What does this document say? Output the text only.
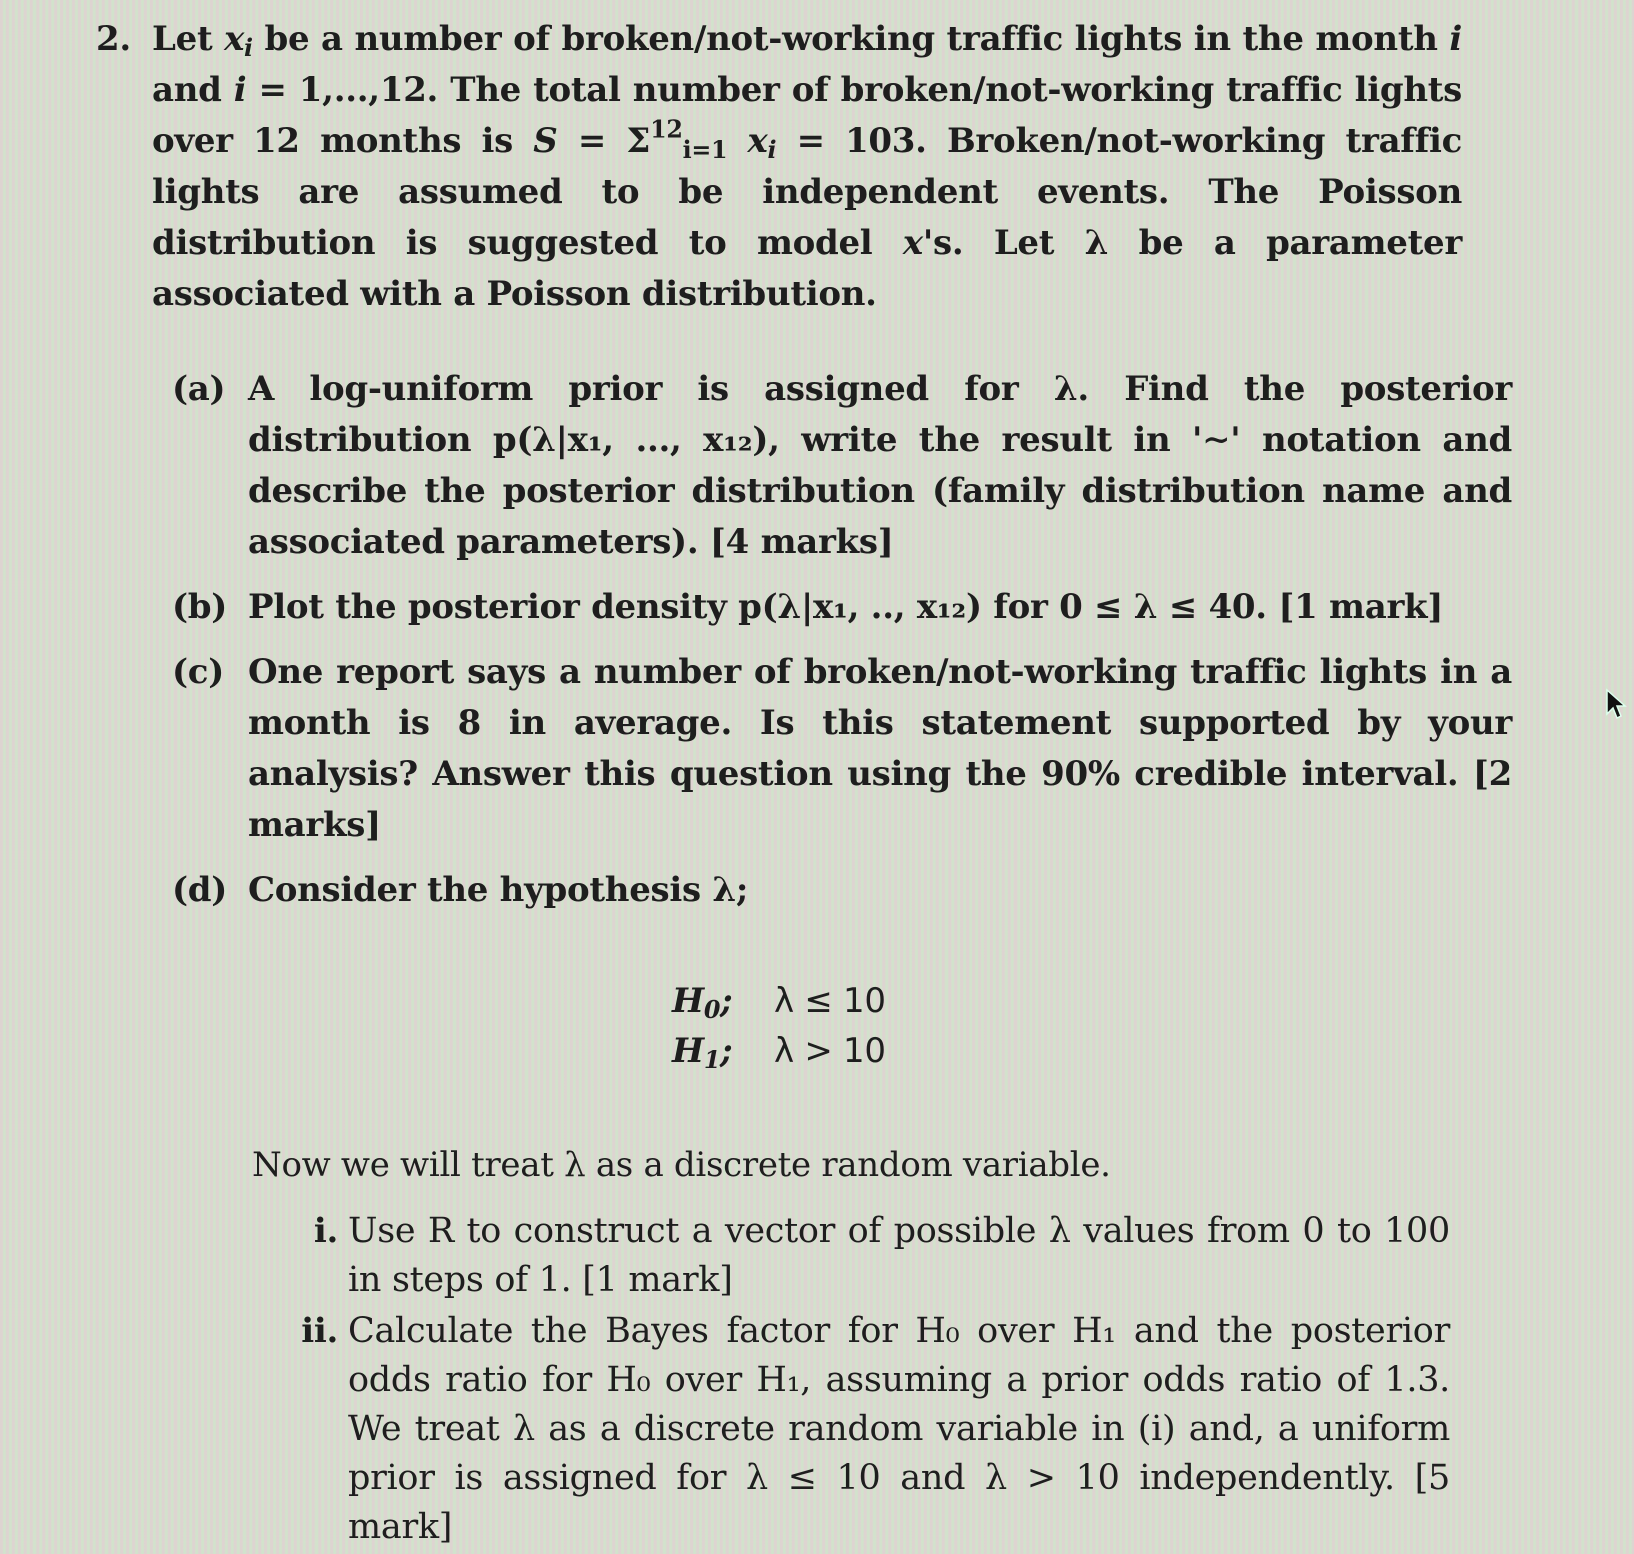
2. Let $x_i$ be a number of broken/not-working traffic lights in the month i and i = 1,...,12. The total number of broken/not-working traffic lights over 12 months is $S = \Sigma^{12}_{i=1}$ $x_i = 103$. Broken/not-working traffic lights are assumed to be independent events. The Poisson distribution is suggested to model x's. Let λ be a parameter associated with a Poisson distribution.
(a) A log-uniform prior is assigned for λ. Find the posterior distribution p(λ|x₁, ..., x₁₂), write the result in '∼' notation and describe the posterior distribution (family distribution name and associated parameters). [4 marks]
(b) Plot the posterior density p(λ|x₁, .., x₁₂) for 0 ≤ λ ≤ 40. [1 mark]
(c) One report says a number of broken/not-working traffic lights in a month is 8 in average. Is this statement supported by your analysis? Answer this question using the 90% credible interval. [2 marks]
(d) Consider the hypothesis λ;
$H_0$;	λ ≤ 10
$H_1$;	λ > 10
Now we will treat λ as a discrete random variable.
i. Use R to construct a vector of possible λ values from 0 to 100 in steps of 1. [1 mark]
ii. Calculate the Bayes factor for H₀ over H₁ and the posterior odds ratio for H₀ over H₁, assuming a prior odds ratio of 1.3. We treat λ as a discrete random variable in (i) and, a uniform prior is assigned for λ ≤ 10 and λ > 10 independently. [5 mark]
